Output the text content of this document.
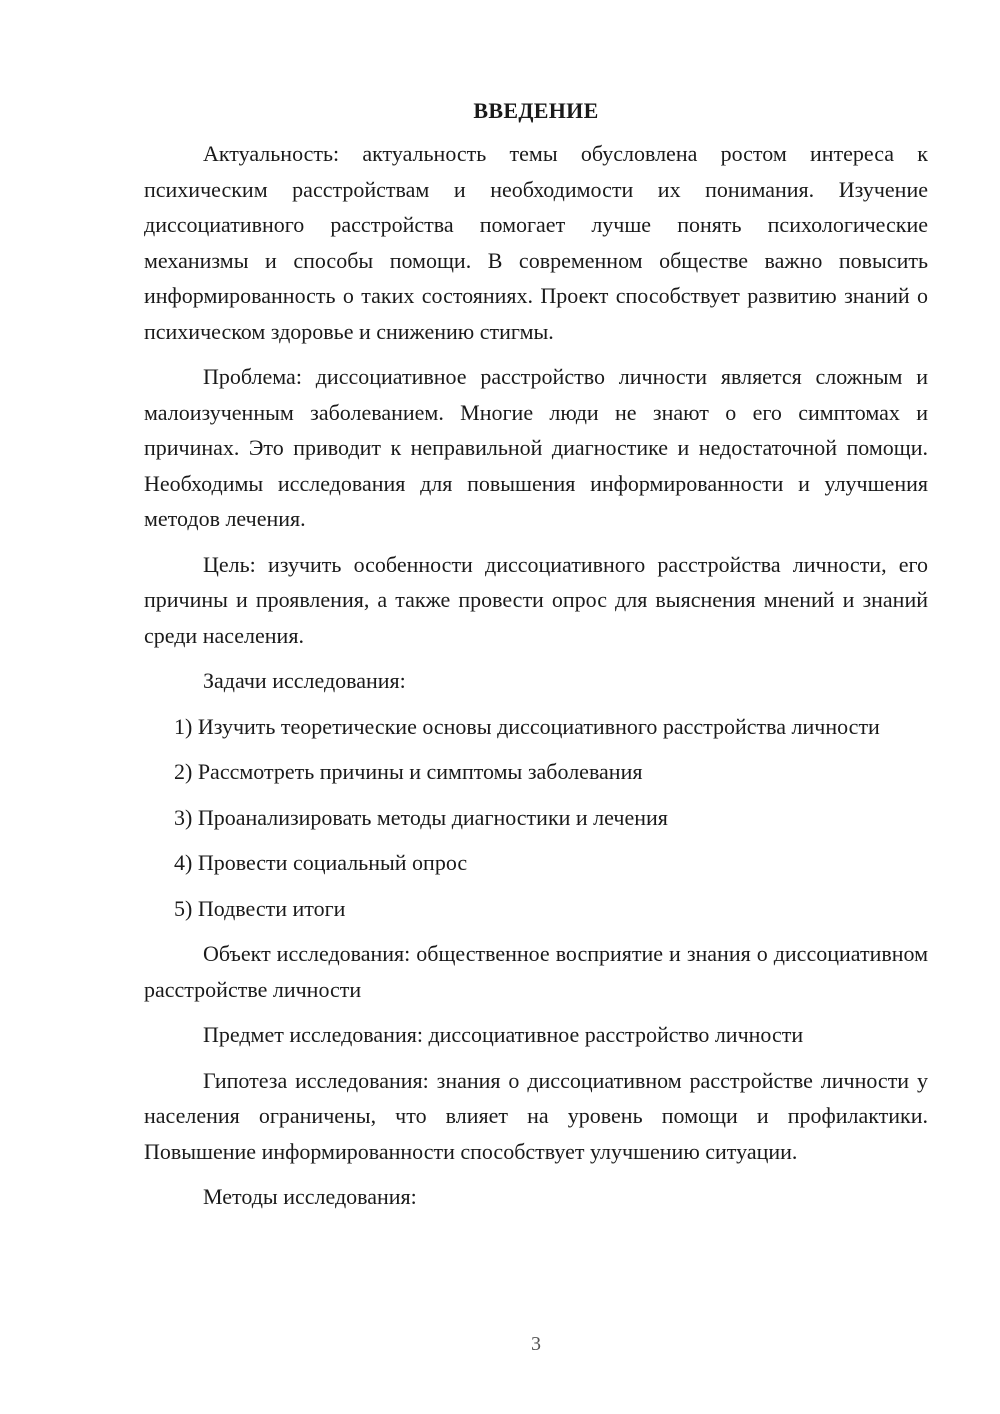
ВВЕДЕНИЕ

Актуальность: актуальность темы обусловлена ростом интереса к психическим расстройствам и необходимости их понимания. Изучение диссоциативного расстройства помогает лучше понять психологические механизмы и способы помощи. В современном обществе важно повысить информированность о таких состояниях. Проект способствует развитию знаний о психическом здоровье и снижению стигмы.

Проблема: диссоциативное расстройство личности является сложным и малоизученным заболеванием. Многие люди не знают о его симптомах и причинах. Это приводит к неправильной диагностике и недостаточной помощи. Необходимы исследования для повышения информированности и улучшения методов лечения.

Цель: изучить особенности диссоциативного расстройства личности, его причины и проявления, а также провести опрос для выяснения мнений и знаний среди населения.

Задачи исследования:

1) Изучить теоретические основы диссоциативного расстройства личности

2) Рассмотреть причины и симптомы заболевания

3) Проанализировать методы диагностики и лечения

4) Провести социальный опрос

5) Подвести итоги

Объект исследования: общественное восприятие и знания о диссоциативном расстройстве личности

Предмет исследования: диссоциативное расстройство личности

Гипотеза исследования: знания о диссоциативном расстройстве личности у населения ограничены, что влияет на уровень помощи и профилактики. Повышение информированности способствует улучшению ситуации.

Методы исследования:

3
